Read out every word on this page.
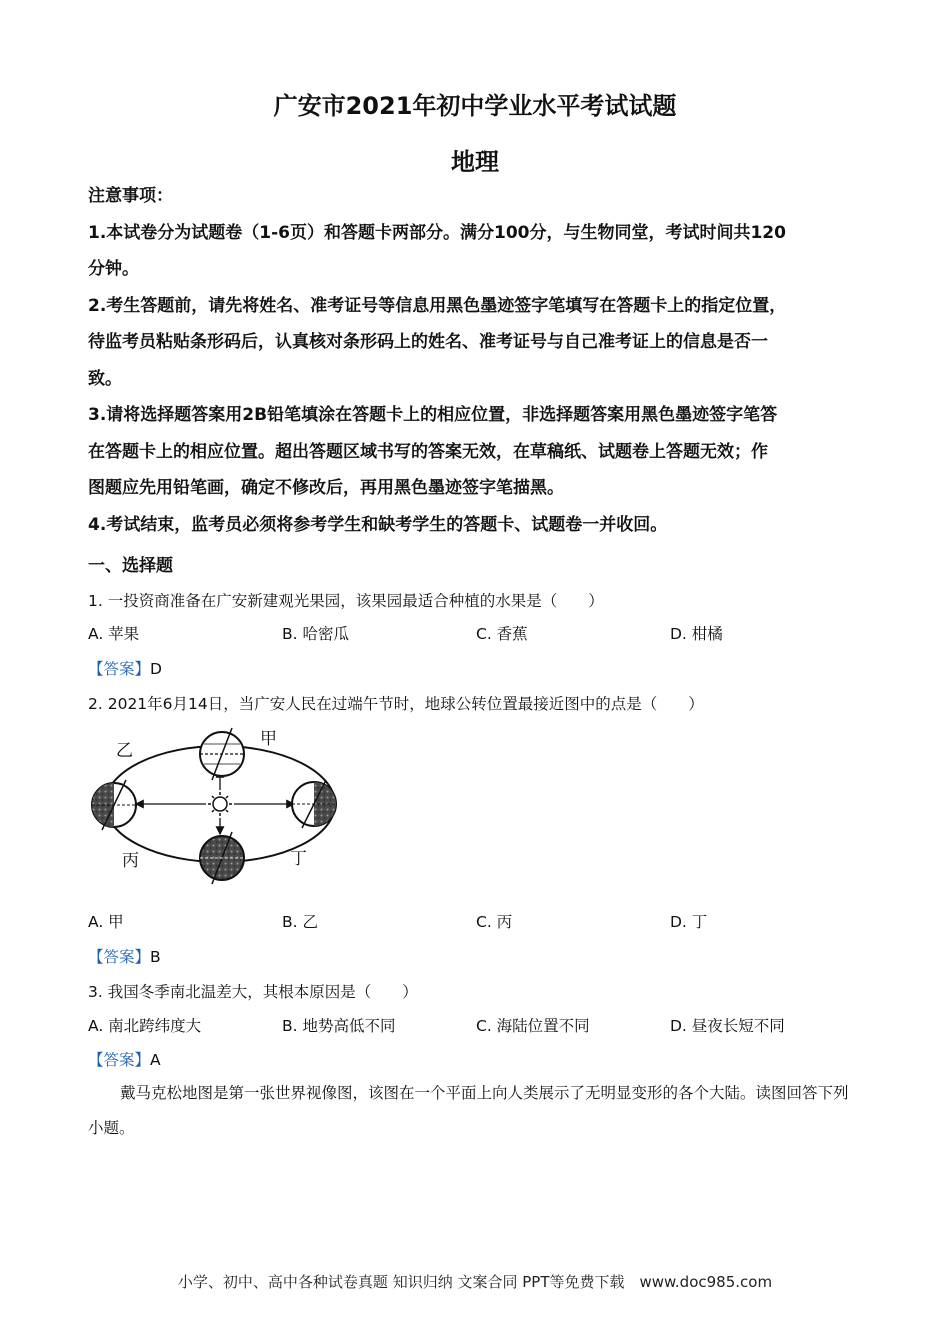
广安市2021年初中学业水平考试试题
地理
注意事项：
1.本试卷分为试题卷（1-6页）和答题卡两部分。满分100分，与生物同堂，考试时间共120
分钟。
2.考生答题前，请先将姓名、准考证号等信息用黑色墨迹签字笔填写在答题卡上的指定位置，
待监考员粘贴条形码后，认真核对条形码上的姓名、准考证号与自己准考证上的信息是否一
致。
3.请将选择题答案用2B铅笔填涂在答题卡上的相应位置，非选择题答案用黑色墨迹签字笔答
在答题卡上的相应位置。超出答题区域书写的答案无效，在草稿纸、试题卷上答题无效；作
图题应先用铅笔画，确定不修改后，再用黑色墨迹签字笔描黑。
4.考试结束，监考员必须将参考学生和缺考学生的答题卡、试题卷一并收回。
一、选择题
1. 一投资商准备在广安新建观光果园，该果园最适合种植的水果是（　　）
A. 苹果	B. 哈密瓜	C. 香蕉	D. 柑橘
【答案】D
2. 2021年6月14日，当广安人民在过端午节时，地球公转位置最接近图中的点是（　　）
乙
甲
丙	丁
A. 甲	B. 乙	C. 丙	D. 丁
【答案】B
3. 我国冬季南北温差大，其根本原因是（　　）
A. 南北跨纬度大	B. 地势高低不同	C. 海陆位置不同	D. 昼夜长短不同
【答案】A
戴马克松地图是第一张世界视像图，该图在一个平面上向人类展示了无明显变形的各个大陆。读图回答下列小题。
小学、初中、高中各种试卷真题 知识归纳 文案合同 PPT等免费下载　www.doc985.com
